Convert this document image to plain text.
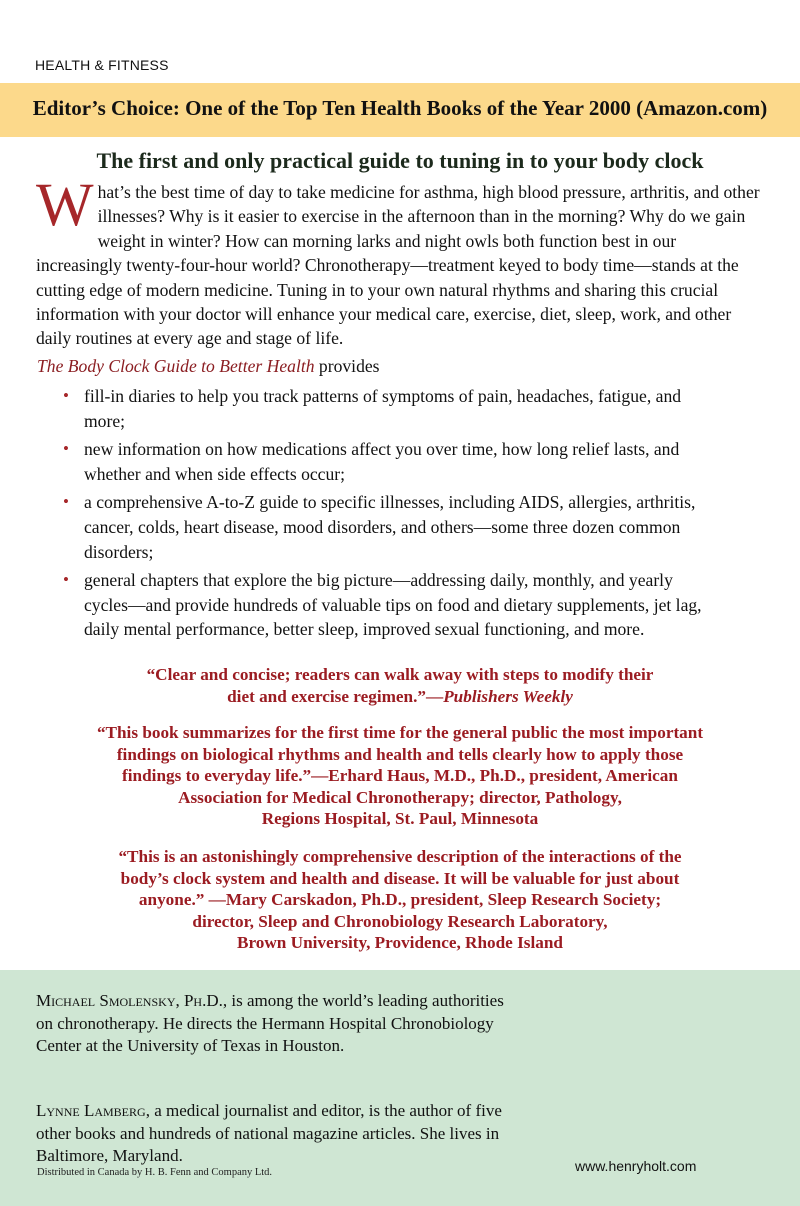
HEALTH & FITNESS
Editor’s Choice: One of the Top Ten Health Books of the Year 2000 (Amazon.com)
The first and only practical guide to tuning in to your body clock
What’s the best time of day to take medicine for asthma, high blood pressure, arthritis, and other illnesses? Why is it easier to exercise in the afternoon than in the morning? Why do we gain weight in winter? How can morning larks and night owls both function best in our increasingly twenty-four-hour world? Chronotherapy—treatment keyed to body time—stands at the cutting edge of modern medicine. Tuning in to your own natural rhythms and sharing this crucial information with your doctor will enhance your medical care, exercise, diet, sleep, work, and other daily routines at every age and stage of life.
The Body Clock Guide to Better Health provides
• fill-in diaries to help you track patterns of symptoms of pain, headaches, fatigue, and more;
• new information on how medications affect you over time, how long relief lasts, and whether and when side effects occur;
• a comprehensive A-to-Z guide to specific illnesses, including AIDS, allergies, arthritis, cancer, colds, heart disease, mood disorders, and others—some three dozen common disorders;
• general chapters that explore the big picture—addressing daily, monthly, and yearly cycles—and provide hundreds of valuable tips on food and dietary supplements, jet lag, daily mental performance, better sleep, improved sexual functioning, and more.
“Clear and concise; readers can walk away with steps to modify their
diet and exercise regimen.”—Publishers Weekly
“This book summarizes for the first time for the general public the most important
findings on biological rhythms and health and tells clearly how to apply those
findings to everyday life.”—Erhard Haus, M.D., Ph.D., president, American
Association for Medical Chronotherapy; director, Pathology,
Regions Hospital, St. Paul, Minnesota
“This is an astonishingly comprehensive description of the interactions of the
body’s clock system and health and disease. It will be valuable for just about
anyone.” —Mary Carskadon, Ph.D., president, Sleep Research Society;
director, Sleep and Chronobiology Research Laboratory,
Brown University, Providence, Rhode Island
Michael Smolensky, Ph.D., is among the world’s leading authorities on chronotherapy. He directs the Hermann Hospital Chronobiology Center at the University of Texas in Houston.
Lynne Lamberg, a medical journalist and editor, is the author of five other books and hundreds of national magazine articles. She lives in Baltimore, Maryland.
Distributed in Canada by H. B. Fenn and Company Ltd.	www.henryholt.com
